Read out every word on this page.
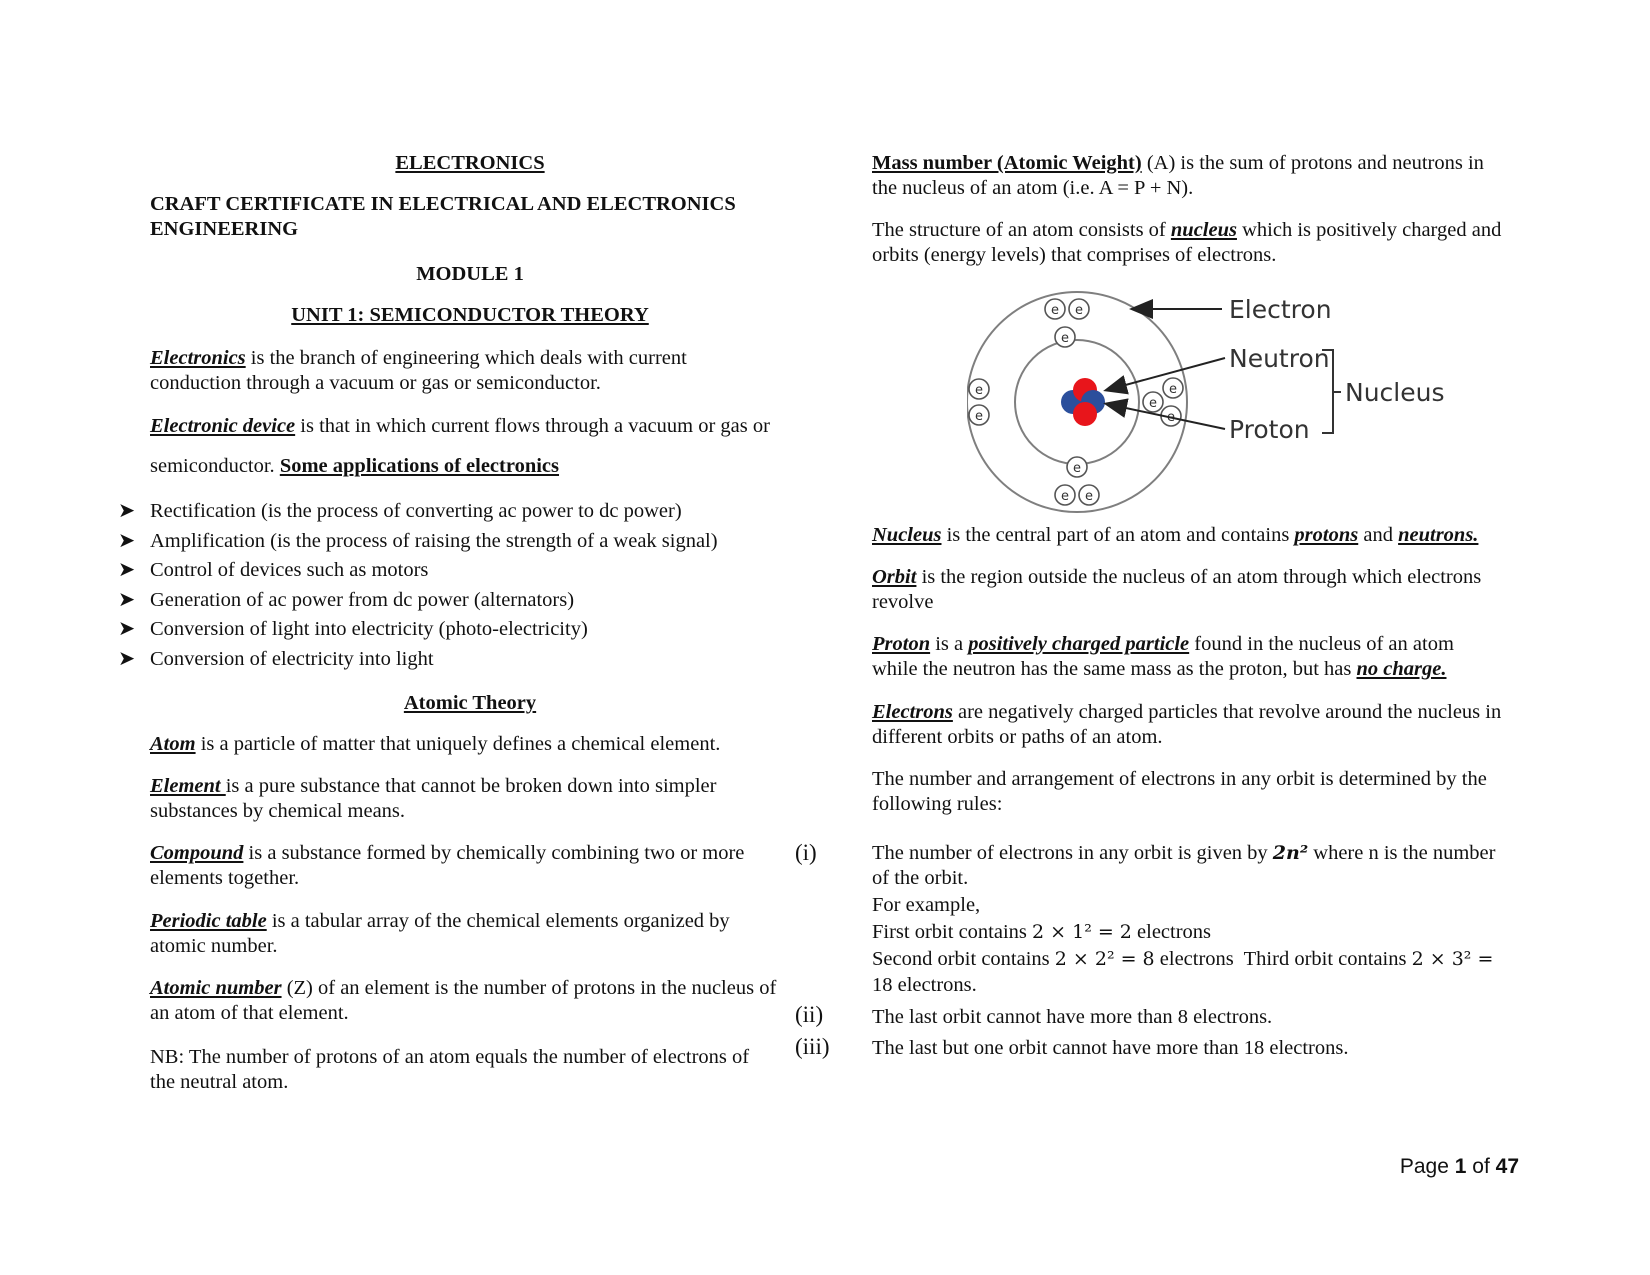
ELECTRONICS

CRAFT CERTIFICATE IN ELECTRICAL AND ELECTRONICS ENGINEERING

MODULE 1

UNIT 1: SEMICONDUCTOR THEORY

Electronics is the branch of engineering which deals with current conduction through a vacuum or gas or semiconductor.

Electronic device is that in which current flows through a vacuum or gas or

semiconductor. Some applications of electronics

➤ Rectification (is the process of converting ac power to dc power)
➤ Amplification (is the process of raising the strength of a weak signal)
➤ Control of devices such as motors
➤ Generation of ac power from dc power (alternators)
➤ Conversion of light into electricity (photo-electricity)
➤ Conversion of electricity into light

Atomic Theory

Atom is a particle of matter that uniquely defines a chemical element.

Element is a pure substance that cannot be broken down into simpler substances by chemical means.

Compound is a substance formed by chemically combining two or more elements together.

Periodic table is a tabular array of the chemical elements organized by atomic number.

Atomic number (Z) of an element is the number of protons in the nucleus of an atom of that element.

NB: The number of protons of an atom equals the number of electrons of the neutral atom.

(i)
(ii)
(iii)

Mass number (Atomic Weight) (A) is the sum of protons and neutrons in the nucleus of an atom (i.e. A = P + N).

The structure of an atom consists of nucleus which is positively charged and orbits (energy levels) that comprises of electrons.

e e
e
e
e e
e
e
e
e
Electron
Neutron
Proton
Nucleus

Nucleus is the central part of an atom and contains protons and neutrons.

Orbit is the region outside the nucleus of an atom through which electrons revolve

Proton is a positively charged particle found in the nucleus of an atom while the neutron has the same mass as the proton, but has no charge.

Electrons are negatively charged particles that revolve around the nucleus in different orbits or paths of an atom.

The number and arrangement of electrons in any orbit is determined by the following rules:

The number of electrons in any orbit is given by 2n² where n is the number of the orbit.

For example,

First orbit contains 2 × 1² = 2 electrons

Second orbit contains 2 × 2² = 8 electrons  Third orbit contains 2 × 3² =

18 electrons.

The last orbit cannot have more than 8 electrons.

The last but one orbit cannot have more than 18 electrons.

Page 1 of 47
